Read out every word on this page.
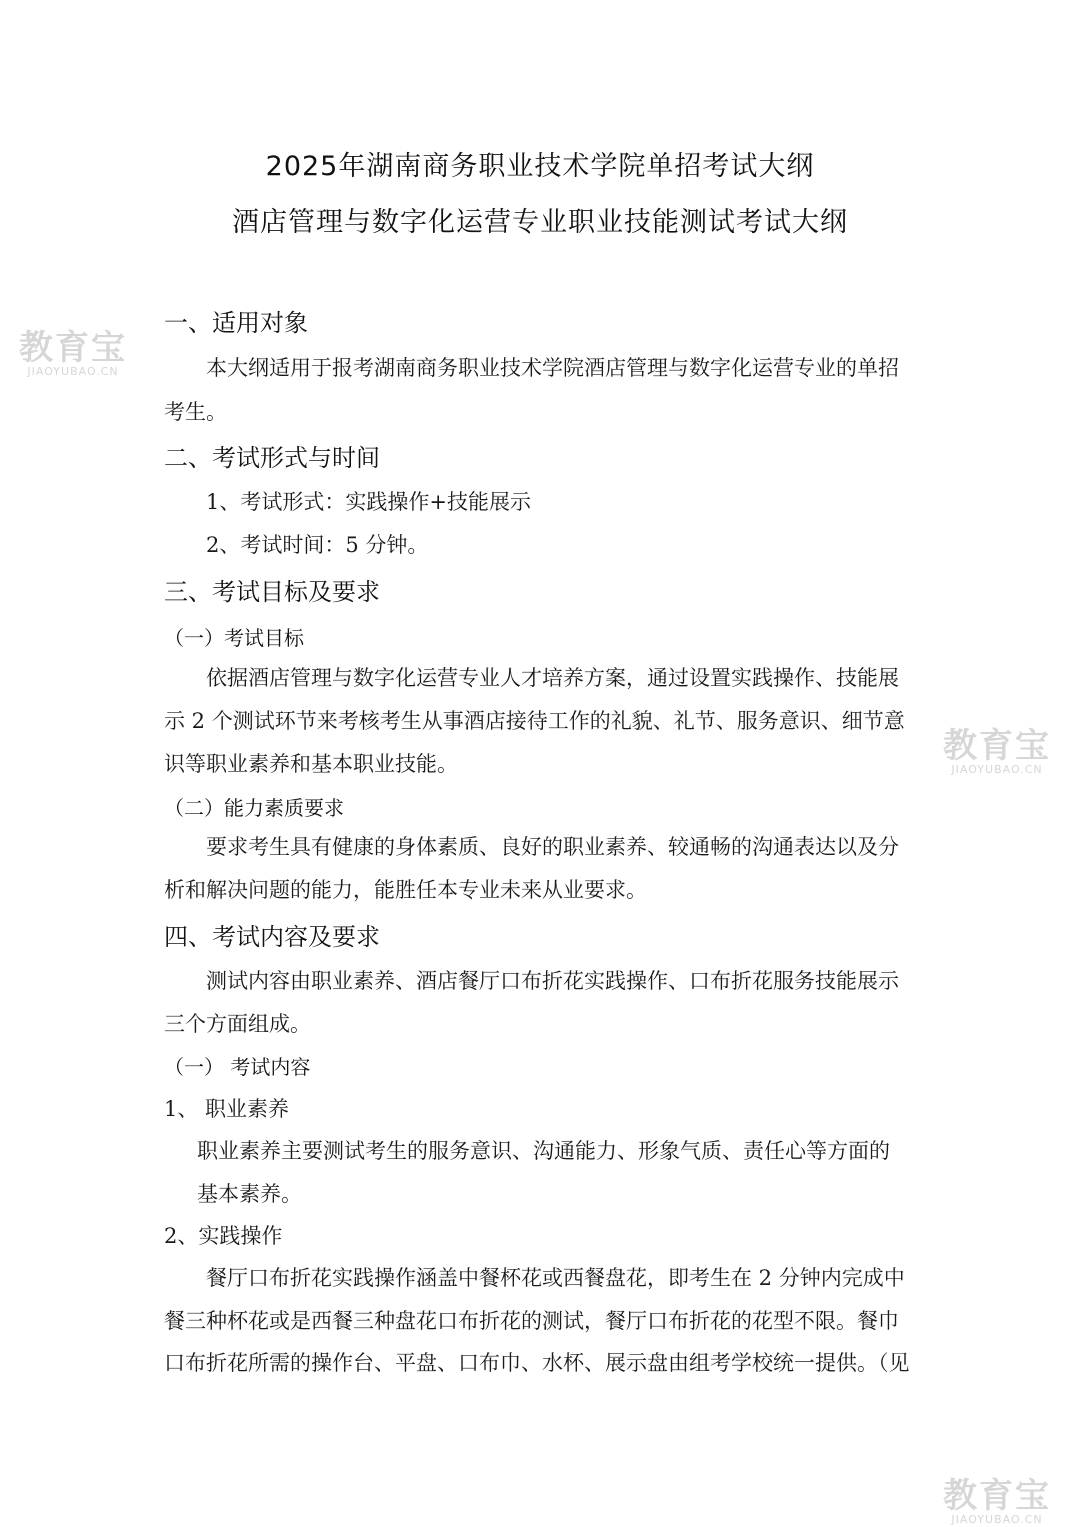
2025年湖南商务职业技术学院单招考试大纲
酒店管理与数字化运营专业职业技能测试考试大纲
一、适用对象
本大纲适用于报考湖南商务职业技术学院酒店管理与数字化运营专业的单招
考生。
二、考试形式与时间
1、考试形式：实践操作+技能展示
2、考试时间：5 分钟。
三、考试目标及要求
（一）考试目标
依据酒店管理与数字化运营专业人才培养方案，通过设置实践操作、技能展
示 2 个测试环节来考核考生从事酒店接待工作的礼貌、礼节、服务意识、细节意
识等职业素养和基本职业技能。
（二）能力素质要求
要求考生具有健康的身体素质、良好的职业素养、较通畅的沟通表达以及分
析和解决问题的能力，能胜任本专业未来从业要求。
四、考试内容及要求
测试内容由职业素养、酒店餐厅口布折花实践操作、口布折花服务技能展示
三个方面组成。
（一） 考试内容
1、 职业素养
职业素养主要测试考生的服务意识、沟通能力、形象气质、责任心等方面的
基本素养。
2、实践操作
餐厅口布折花实践操作涵盖中餐杯花或西餐盘花，即考生在 2 分钟内完成中
餐三种杯花或是西餐三种盘花口布折花的测试，餐厅口布折花的花型不限。餐巾
口布折花所需的操作台、平盘、口布巾、水杯、展示盘由组考学校统一提供。（见
教育宝
JIAOYUBAO.CN
教育宝
JIAOYUBAO.CN
教育宝
JIAOYUBAO.CN
